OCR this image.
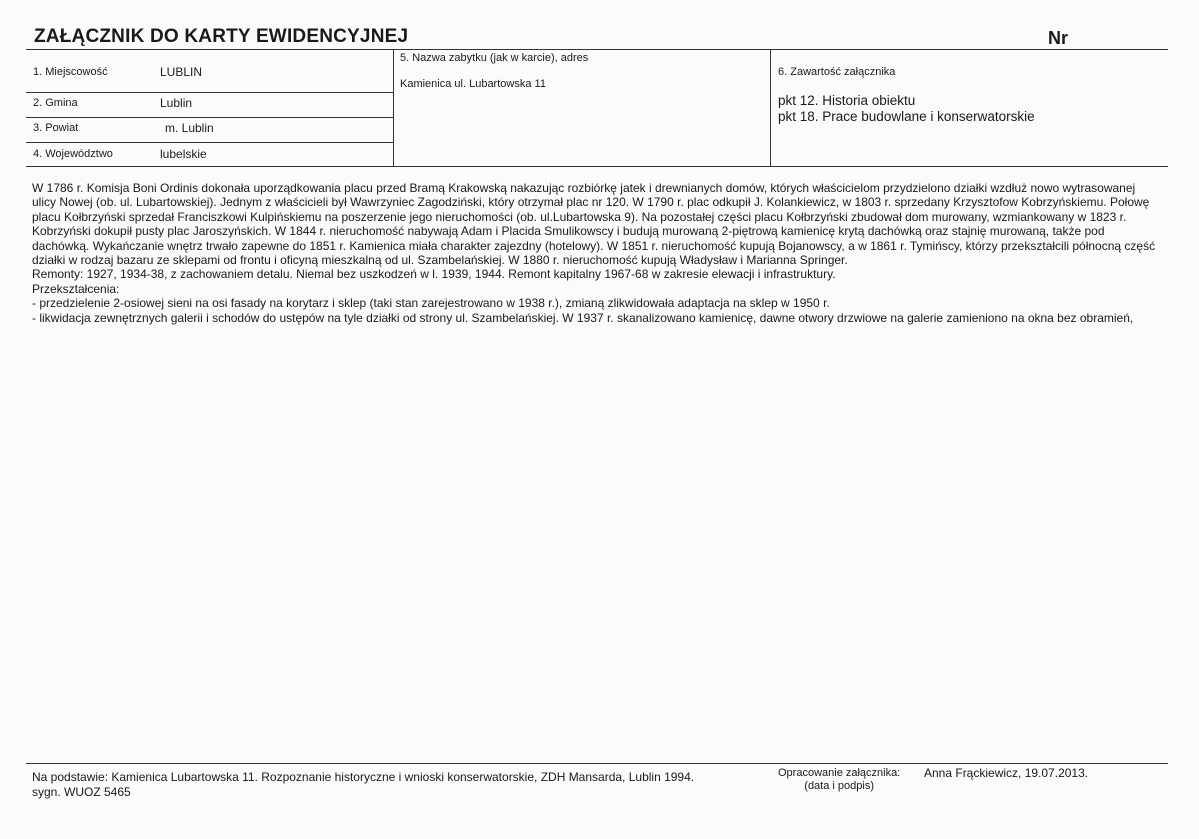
ZAŁĄCZNIK DO KARTY EWIDENCYJNEJ	Nr
1. Miejscowość	LUBLIN
2. Gmina	Lublin
3. Powiat	m. Lublin
4. Województwo	lubelskie
5. Nazwa zabytku (jak w karcie), adres
Kamienica ul. Lubartowska 11
6. Zawartość załącznika
pkt 12. Historia obiektu
pkt 18. Prace budowlane i konserwatorskie

W 1786 r. Komisja Boni Ordinis dokonała uporządkowania placu przed Bramą Krakowską nakazując rozbiórkę jatek i drewnianych domów, których właścicielom przydzielono działki wzdłuż nowo wytrasowanej ulicy Nowej (ob. ul. Lubartowskiej). Jednym z właścicieli był Wawrzyniec Zagodziński, który otrzymał plac nr 120. W 1790 r. plac odkupił J. Kolankiewicz, w 1803 r. sprzedany Krzysztofow Kobrzyńskiemu. Połowę placu Kołbrzyński sprzedał Franciszkowi Kulpińskiemu na poszerzenie jego nieruchomości (ob. ul.Lubartowska 9). Na pozostałej części placu Kołbrzyński zbudował dom murowany, wzmiankowany w 1823 r. Kobrzyński dokupił pusty plac Jaroszyńskich. W 1844 r. nieruchomość nabywają Adam i Placida Smulikowscy i budują murowaną 2-piętrową kamienicę krytą dachówką oraz stajnię murowaną, także pod dachówką. Wykańczanie wnętrz trwało zapewne do 1851 r. Kamienica miała charakter zajezdny (hotelowy). W 1851 r. nieruchomość kupują Bojanowscy, a w 1861 r. Tymińscy, którzy przekształcili północną część działki w rodzaj bazaru ze sklepami od frontu i oficyną mieszkalną od ul. Szambelańskiej. W 1880 r. nieruchomość kupują Władysław i Marianna Springer.

Remonty: 1927, 1934-38, z zachowaniem detalu. Niemal bez uszkodzeń w l. 1939, 1944. Remont kapitalny 1967-68 w zakresie elewacji i infrastruktury.

Przekształcenia:

- przedzielenie 2-osiowej sieni na osi fasady na korytarz i sklep (taki stan zarejestrowano w 1938 r.), zmianą zlikwidowała adaptacja na sklep w 1950 r.

- likwidacja zewnętrznych galerii i schodów do ustępów na tyle działki od strony ul. Szambelańskiej. W 1937 r. skanalizowano kamienicę, dawne otwory drzwiowe na galerie zamieniono na okna bez obramień,

Na podstawie: Kamienica Lubartowska 11. Rozpoznanie historyczne i wnioski konserwatorskie, ZDH Mansarda, Lublin 1994.
sygn. WUOZ 5465
Opracowanie załącznika:
(data i podpis)
Anna Frąckiewicz, 19.07.2013.
